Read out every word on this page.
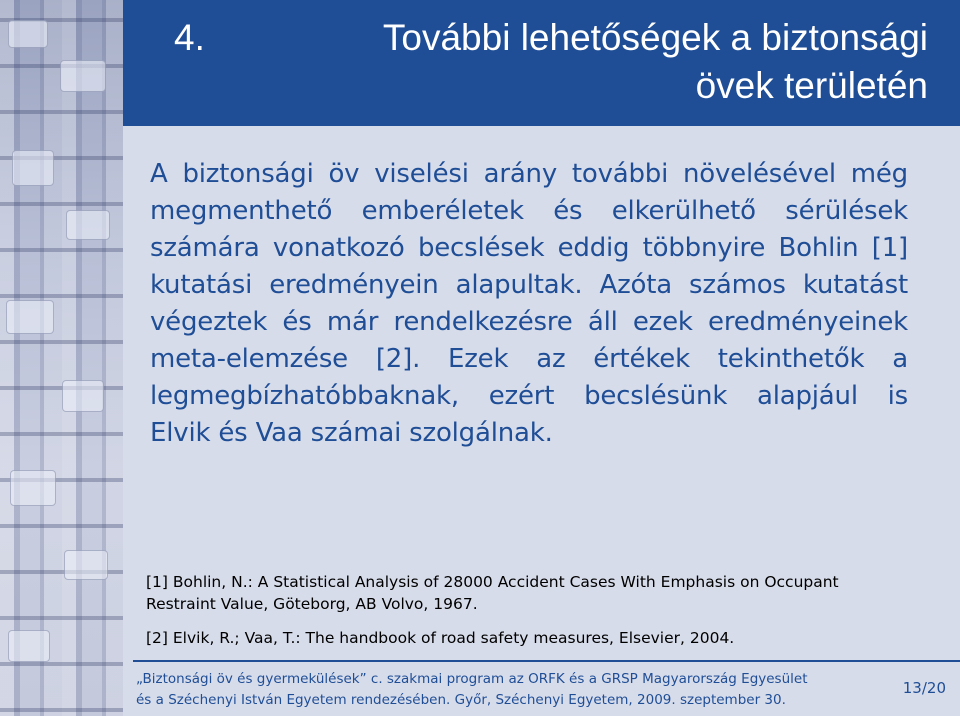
4.	További lehetőségek a biztonsági
övek területén
A biztonsági öv viselési arány további növelésével még
megmenthető emberéletek és elkerülhető sérülések
számára vonatkozó becslések eddig többnyire Bohlin [1]
kutatási eredményein alapultak. Azóta számos kutatást
végeztek és már rendelkezésre áll ezek eredményeinek
meta-elemzése [2]. Ezek az értékek tekinthetők a
legmegbízhatóbbaknak, ezért becslésünk alapjául is
Elvik és Vaa számai szolgálnak.
[1] Bohlin, N.: A Statistical Analysis of 28000 Accident Cases With Emphasis on Occupant
Restraint Value, Göteborg, AB Volvo, 1967.
[2] Elvik, R.; Vaa, T.: The handbook of road safety measures, Elsevier, 2004.
„Biztonsági öv és gyermekülések” c. szakmai program az ORFK és a GRSP Magyarország Egyesület
és a Széchenyi István Egyetem rendezésében. Győr, Széchenyi Egyetem, 2009. szeptember 30.
13/20
